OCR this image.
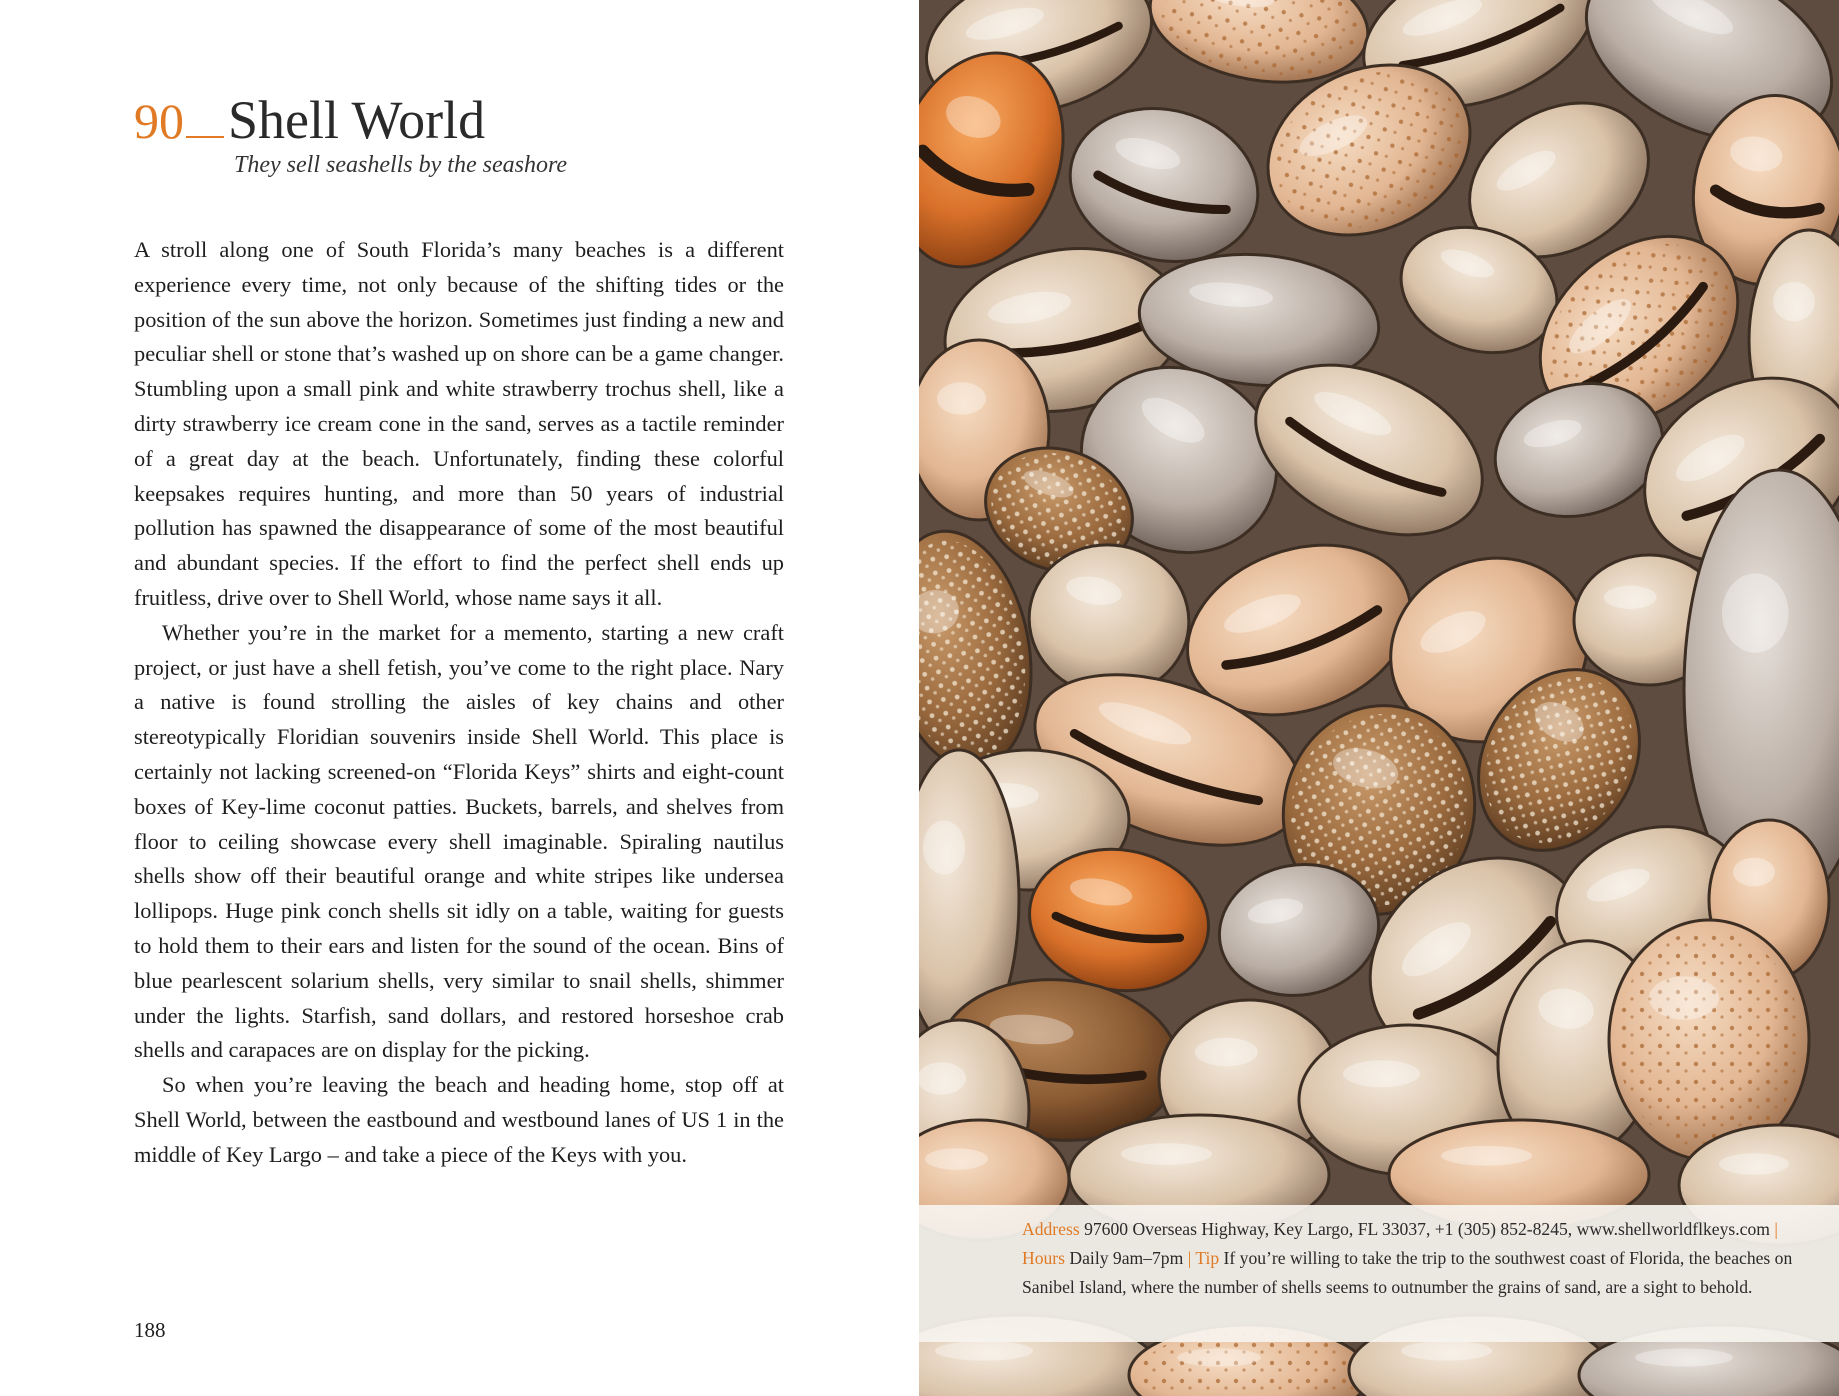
90 Shell World
They sell seashells by the seashore

A stroll along one of South Florida’s many beaches is a different experience every time, not only because of the shifting tides or the position of the sun above the horizon. Sometimes just finding a new and peculiar shell or stone that’s washed up on shore can be a game changer. Stumbling upon a small pink and white strawberry trochus shell, like a dirty strawberry ice cream cone in the sand, serves as a tactile reminder of a great day at the beach. Unfortunately, finding these colorful keepsakes requires hunting, and more than 50 years of industrial pollution has spawned the disappearance of some of the most beautiful and abundant species. If the effort to find the perfect shell ends up fruitless, drive over to Shell World, whose name says it all.

Whether you’re in the market for a memento, starting a new craft project, or just have a shell fetish, you’ve come to the right place. Nary a native is found strolling the aisles of key chains and other stereotypically Floridian souvenirs inside Shell World. This place is certainly not lacking screened-on “Florida Keys” shirts and eight-count boxes of Key-lime coconut patties. Buckets, barrels, and shelves from floor to ceiling showcase every shell imaginable. Spiraling nautilus shells show off their beautiful orange and white stripes like undersea lollipops. Huge pink conch shells sit idly on a table, waiting for guests to hold them to their ears and listen for the sound of the ocean. Bins of blue pearlescent solarium shells, very similar to snail shells, shimmer under the lights. Starfish, sand dollars, and restored horseshoe crab shells and carapaces are on display for the picking.

So when you’re leaving the beach and heading home, stop off at Shell World, between the eastbound and westbound lanes of US 1 in the middle of Key Largo – and take a piece of the Keys with you.

188
Address 97600 Overseas Highway, Key Largo, FL 33037, +1 (305) 852-8245, www.shellworldflkeys.com | Hours Daily 9am–7pm | Tip If you’re willing to take the trip to the southwest coast of Florida, the beaches on Sanibel Island, where the number of shells seems to outnumber the grains of sand, are a sight to behold.
